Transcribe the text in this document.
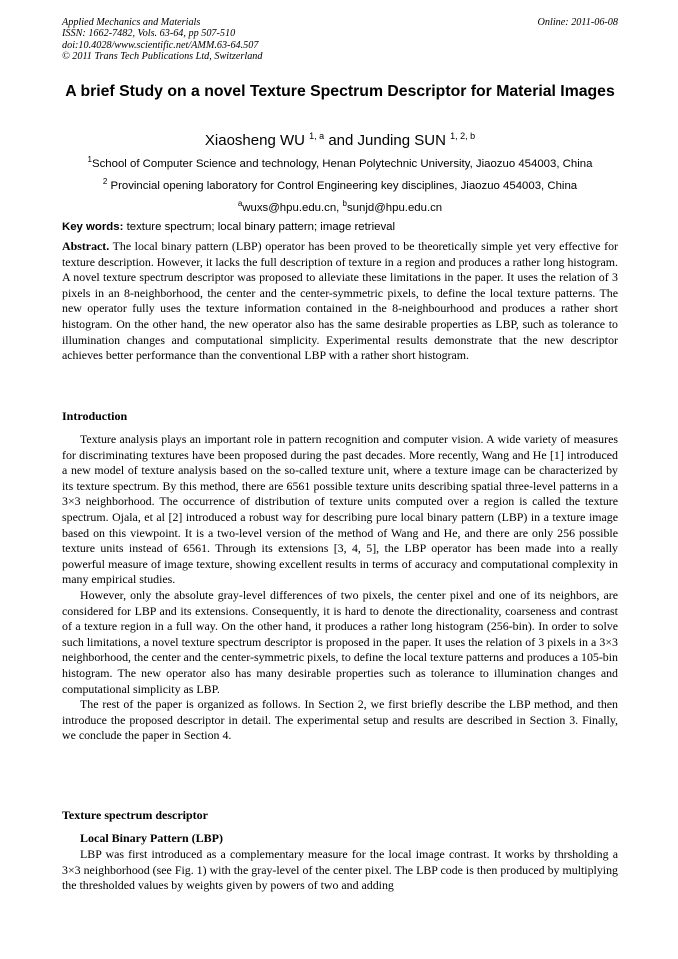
Applied Mechanics and Materials
ISSN: 1662-7482, Vols. 63-64, pp 507-510
doi:10.4028/www.scientific.net/AMM.63-64.507
© 2011 Trans Tech Publications Ltd, Switzerland
Online: 2011-06-08
A brief Study on a novel Texture Spectrum Descriptor for Material Images
Xiaosheng WU $^{1, a}$ and Junding SUN $^{1, 2, b}$
$^1$School of Computer Science and technology, Henan Polytechnic University, Jiaozuo 454003, China
$^2$ Provincial opening laboratory for Control Engineering key disciplines, Jiaozuo 454003, China
$^a$wuxs@hpu.edu.cn, $^b$sunjd@hpu.edu.cn
Key words: texture spectrum; local binary pattern; image retrieval
Abstract. The local binary pattern (LBP) operator has been proved to be theoretically simple yet very effective for texture description. However, it lacks the full description of texture in a region and produces a rather long histogram. A novel texture spectrum descriptor was proposed to alleviate these limitations in the paper. It uses the relation of 3 pixels in an 8-neighborhood, the center and the center-symmetric pixels, to define the local texture patterns. The new operator fully uses the texture information contained in the 8-neighbourhood and produces a rather short histogram. On the other hand, the new operator also has the same desirable properties as LBP, such as tolerance to illumination changes and computational simplicity. Experimental results demonstrate that the new descriptor achieves better performance than the conventional LBP with a rather short histogram.
Introduction

Texture analysis plays an important role in pattern recognition and computer vision. A wide variety of measures for discriminating textures have been proposed during the past decades. More recently, Wang and He [1] introduced a new model of texture analysis based on the so-called texture unit, where a texture image can be characterized by its texture spectrum. By this method, there are 6561 possible texture units describing spatial three-level patterns in a 3×3 neighborhood. The occurrence of distribution of texture units computed over a region is called the texture spectrum. Ojala, et al [2] introduced a robust way for describing pure local binary pattern (LBP) in a texture image based on this viewpoint. It is a two-level version of the method of Wang and He, and there are only 256 possible texture units instead of 6561. Through its extensions [3, 4, 5], the LBP operator has been made into a really powerful measure of image texture, showing excellent results in terms of accuracy and computational complexity in many empirical studies.

However, only the absolute gray-level differences of two pixels, the center pixel and one of its neighbors, are considered for LBP and its extensions. Consequently, it is hard to denote the directionality, coarseness and contrast of a texture region in a full way. On the other hand, it produces a rather long histogram (256-bin). In order to solve such limitations, a novel texture spectrum descriptor is proposed in the paper. It uses the relation of 3 pixels in a 3×3 neighborhood, the center and the center-symmetric pixels, to define the local texture patterns and produces a 105-bin histogram. The new operator also has many desirable properties such as tolerance to illumination changes and computational simplicity as LBP.

The rest of the paper is organized as follows. In Section 2, we first briefly describe the LBP method, and then introduce the proposed descriptor in detail. The experimental setup and results are described in Section 3. Finally, we conclude the paper in Section 4.

Texture spectrum descriptor
Local Binary Pattern (LBP)

LBP was first introduced as a complementary measure for the local image contrast. It works by thrsholding a 3×3 neighborhood (see Fig. 1) with the gray-level of the center pixel. The LBP code is then produced by multiplying the thresholded values by weights given by powers of two and adding
